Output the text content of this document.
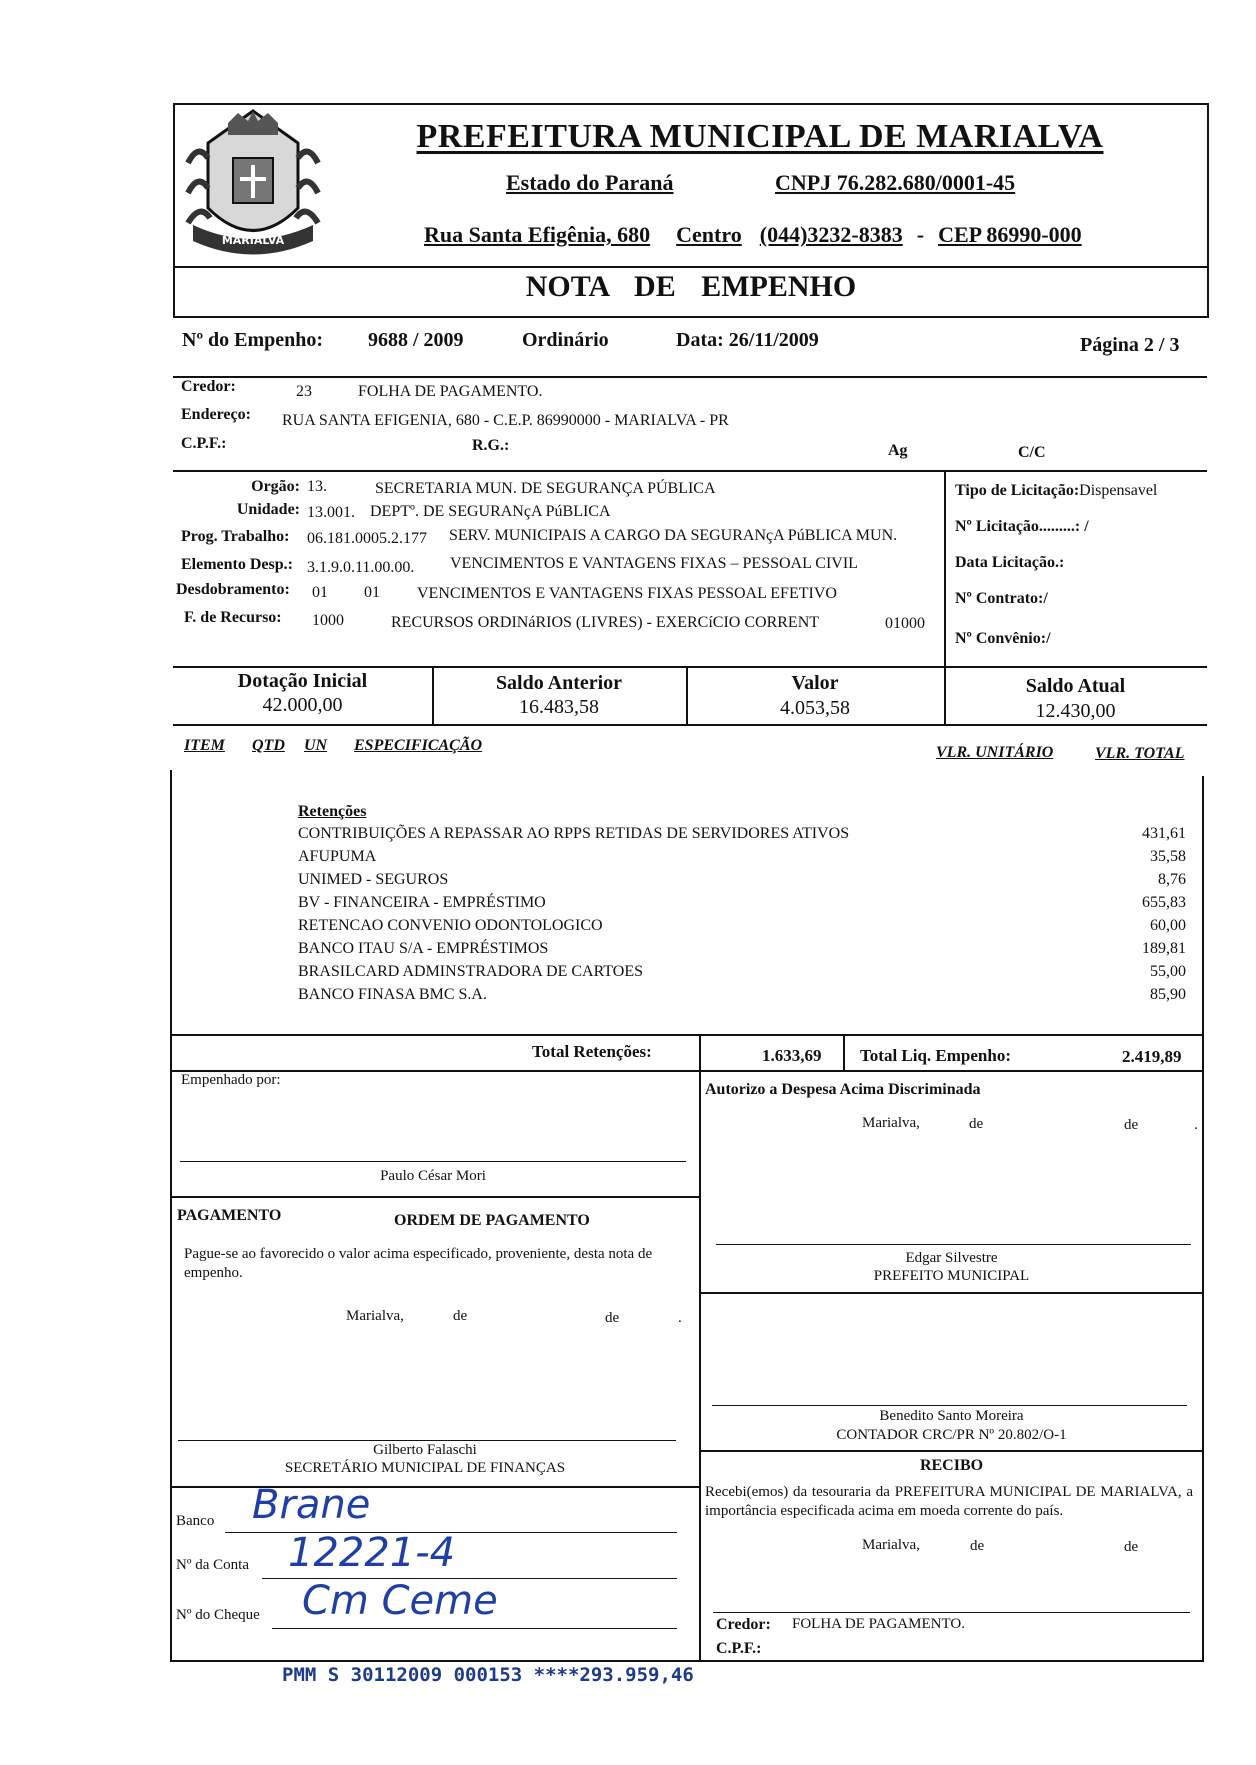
MARIALVA
PREFEITURA MUNICIPAL DE MARIALVA
Estado do Paraná	CNPJ 76.282.680/0001-45
Rua Santa Efigênia, 680 Centro (044)3232-8383 - CEP 86990-000
NOTA DE EMPENHO
Nº do Empenho: 9688 / 2009	Ordinário	Data: 26/11/2009	Página 2 / 3
Credor:	23	FOLHA DE PAGAMENTO.
Endereço: RUA SANTA EFIGENIA, 680 - C.E.P. 86990000 - MARIALVA - PR
C.P.F.:	R.G.:	Ag	C/C
Orgão: 13.	SECRETARIA MUN. DE SEGURANÇA PÚBLICA
Unidade: 13.001. DEPTº. DE SEGURANçA PúBLICA
Prog. Trabalho: 06.181.0005.2.177 SERV. MUNICIPAIS A CARGO DA SEGURANçA PúBLICA MUN.
Elemento Desp.: 3.1.9.0.11.00.00. VENCIMENTOS E VANTAGENS FIXAS – PESSOAL CIVIL
Desdobramento: 01 01 VENCIMENTOS E VANTAGENS FIXAS PESSOAL EFETIVO
F. de Recurso: 1000	RECURSOS ORDINáRIOS (LIVRES) - EXERCíCIO CORRENT	01000
Tipo de Licitação:Dispensavel
Nº Licitação.........: /
Data Licitação.:
Nº Contrato:/
Nº Convênio:/
Dotação Inicial
42.000,00
Saldo Anterior
16.483,58
Valor
4.053,58
Saldo Atual
12.430,00
ITEM QTD UN ESPECIFICAÇÃO	VLR. UNITÁRIO	VLR. TOTAL
Retenções
CONTRIBUIÇÕES A REPASSAR AO RPPS RETIDAS DE SERVIDORES ATIVOS	431,61
AFUPUMA	35,58
UNIMED - SEGUROS	8,76
BV - FINANCEIRA - EMPRÉSTIMO	655,83
RETENCAO CONVENIO ODONTOLOGICO	60,00
BANCO ITAU S/A - EMPRÉSTIMOS	189,81
BRASILCARD ADMINSTRADORA DE CARTOES	55,00
BANCO FINASA BMC S.A.	85,90
Total Retenções:	1.633,69 Total Liq. Empenho:	2.419,89
Empenhado por:
Paulo César Mori
PAGAMENTO	ORDEM DE PAGAMENTO
Pague-se ao favorecido o valor acima especificado, proveniente, desta nota de empenho.
Marialva,	de	de	.
Gilberto Falaschi
SECRETÁRIO MUNICIPAL DE FINANÇAS
Banco Brane
Nº da Conta 12221-4
Nº do Cheque Cm Ceme
Autorizo a Despesa Acima Discriminada
Marialva,	de	de	.
Edgar Silvestre
PREFEITO MUNICIPAL
Benedito Santo Moreira
CONTADOR CRC/PR Nº 20.802/O-1
RECIBO
Recebi(emos) da tesouraria da PREFEITURA MUNICIPAL DE MARIALVA, a importância especificada acima em moeda corrente do país.
Marialva,	de	de
Credor: FOLHA DE PAGAMENTO.
C.P.F.:
PMM S 30112009 000153 ****293.959,46
